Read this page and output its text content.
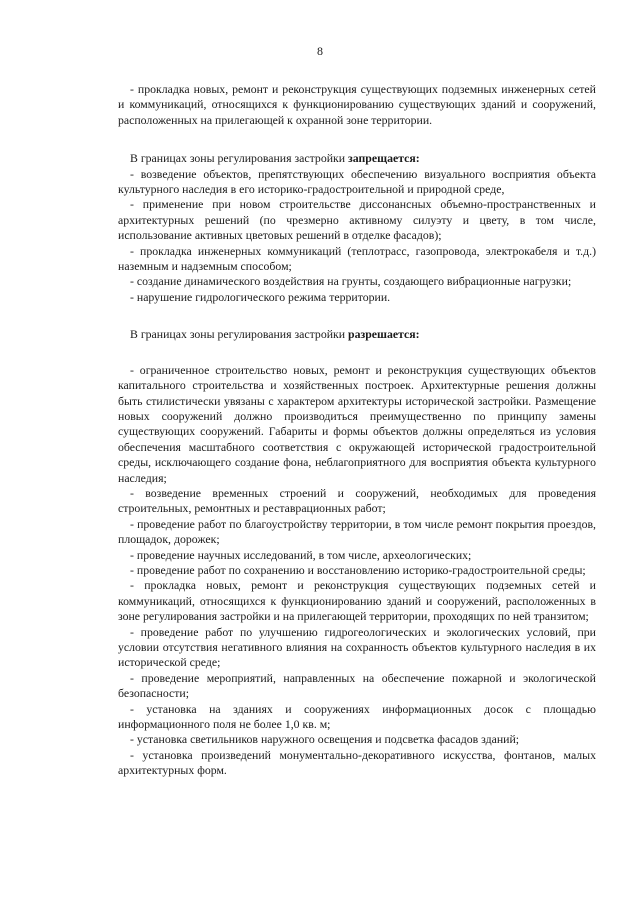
8

- прокладка новых, ремонт и реконструкция существующих подземных инженерных сетей и коммуникаций, относящихся к функционированию существующих зданий и сооружений, расположенных на прилегающей к охранной зоне территории.

В границах зоны регулирования застройки запрещается:

- возведение объектов, препятствующих обеспечению визуального восприятия объекта культурного наследия в его историко-градостроительной и природной среде,

- применение при новом строительстве диссонансных объемно-пространственных и архитектурных решений (по чрезмерно активному силуэту и цвету, в том числе, использование активных цветовых решений в отделке фасадов);

- прокладка инженерных коммуникаций (теплотрасс, газопровода, электрокабеля и т.д.) наземным и надземным способом;

- создание динамического воздействия на грунты, создающего вибрационные нагрузки;

- нарушение гидрологического режима территории.

В границах зоны регулирования застройки разрешается:

- ограниченное строительство новых, ремонт и реконструкция существующих объектов капитального строительства и хозяйственных построек. Архитектурные решения должны быть стилистически увязаны с характером архитектуры исторической застройки. Размещение новых сооружений должно производиться преимущественно по принципу замены существующих сооружений. Габариты и формы объектов должны определяться из условия обеспечения масштабного соответствия с окружающей исторической градостроительной среды, исключающего создание фона, неблагоприятного для восприятия объекта культурного наследия;

- возведение временных строений и сооружений, необходимых для проведения строительных, ремонтных и реставрационных работ;

- проведение работ по благоустройству территории, в том числе ремонт покрытия проездов, площадок, дорожек;

- проведение научных исследований, в том числе, археологических;

- проведение работ по сохранению и восстановлению историко-градостроительной среды;

- прокладка новых, ремонт и реконструкция существующих подземных сетей и коммуникаций, относящихся к функционированию зданий и сооружений, расположенных в зоне регулирования застройки и на прилегающей территории, проходящих по ней транзитом;

- проведение работ по улучшению гидрогеологических и экологических условий, при условии отсутствия негативного влияния на сохранность объектов культурного наследия в их исторической среде;

- проведение мероприятий, направленных на обеспечение пожарной и экологической безопасности;

- установка на зданиях и сооружениях информационных досок с площадью информационного поля не более 1,0 кв. м;

- установка светильников наружного освещения и подсветка фасадов зданий;

- установка произведений монументально-декоративного искусства, фонтанов, малых архитектурных форм.
